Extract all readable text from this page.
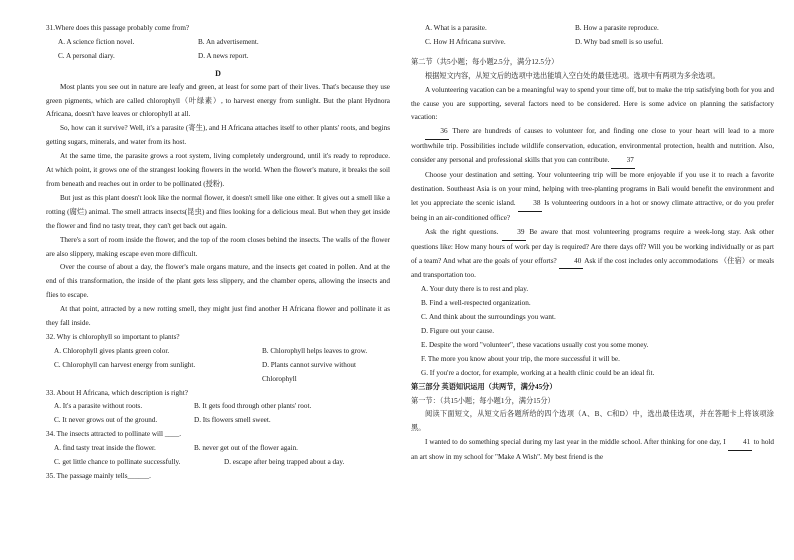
31.Where does this passage probably come from?

A. A science fiction novel.	B. An advertisement.
C. A personal diary.	D. A news report.

D

Most plants you see out in nature are leafy and green, at least for some part of their lives. That's because they use green pigments, which are called chlorophyll（叶绿素）, to harvest energy from sunlight. But the plant Hydnora Africana, doesn't have leaves or chlorophyll at all.

So, how can it survive? Well, it's a parasite (寄生), and H Africana attaches itself to other plants' roots, and begins getting sugars, minerals, and water from its host.

At the same time, the parasite grows a root system, living completely underground, until it's ready to reproduce. At which point, it grows one of the strangest looking flowers in the world. When the flower's mature, it breaks the soil from beneath and reaches out in order to be pollinated (授粉).

But just as this plant doesn't look like the normal flower, it doesn't smell like one either. It gives out a smell like a rotting (腐烂) animal. The smell attracts insects(昆虫) and flies looking for a delicious meal. But when they get inside the flower and find no tasty treat, they can't get back out again.

There's a sort of room inside the flower, and the top of the room closes behind the insects. The walls of the flower are also slippery, making escape even more difficult.

Over the course of about a day, the flower's male organs mature, and the insects get coated in pollen. And at the end of this transformation, the inside of the plant gets less slippery, and the chamber opens, allowing the insects and flies to escape.

At that point, attracted by a new rotting smell, they might just find another H Africana flower and pollinate it as they fall inside.

32. Why is chlorophyll so important to plants?

A. Chlorophyll gives plants green color.	B. Chlorophyll helps leaves to grow.
C. Chlorophyll can harvest energy from sunlight.	D. Plants cannot survive without Chlorophyll

33. About H Africana, which description is right?

A. It's a parasite without roots.	B. It gets food through other plants' root.
C. It never grows out of the ground.	D. Its flowers smell sweet.

34. The insects attracted to pollinate will ____.

A. find tasty treat inside the flower.	B. never get out of the flower again.
C. get little chance to pollinate successfully.	D. escape after being trapped about a day.

35. The passage mainly tells______.

A. What is a parasite.	B. How a parasite reproduce.
C. How H Africana survive.	D. Why bad smell is so useful.

第二节（共5小题；每小题2.5分，满分12.5分）

根据短文内容，从短文后的选项中选出能填入空白处的最佳选项。选项中有两项为多余选项。

A volunteering vacation can be a meaningful way to spend your time off, but to make the trip satisfying both for you and the cause you are supporting, several factors need to be considered. Here is some advice on planning the satisfactory vacation:

36 There are hundreds of causes to volunteer for, and finding one close to your heart will lead to a more worthwhile trip. Possibilities include wildlife conservation, education, environmental protection, health and nutrition. Also, consider any personal and professional skills that you can contribute. 37

Choose your destination and setting. Your volunteering trip will be more enjoyable if you use it to reach a favorite destination. Southeast Asia is on your mind, helping with tree-planting programs in Bali would benefit the environment and let you appreciate the scenic island. 38 Is volunteering outdoors in a hot or snowy climate attractive, or do you prefer being in an air-conditioned office?

Ask the right questions.	39 Be aware that most volunteering programs require a week-long stay. Ask other questions like: How many hours of work per day is required? Are there days off? Will you be working individually or as part of a team? And what are the goals of your efforts? 40 Ask if the cost includes only accommodations （住宿）or meals and transportation too.

A. Your duty there is to rest and play.

B. Find a well-respected organization.

C. And think about the surroundings you want.

D. Figure out your cause.

E. Despite the word "volunteer", these vacations usually cost you some money.

F. The more you know about your trip, the more successful it will be.

G. If you're a doctor, for example, working at a health clinic could be an ideal fit.

第三部分 英语知识运用（共两节，满分45分）

第一节：（共15小题；每小题1分，满分15分）

阅读下面短文，从短文后各题所给的四个选项（A、B、C和D）中，选出最佳选项，并在答题卡上将该项涂黑。

I wanted to do something special during my last year in the middle school. After thinking for one day, I 41 to hold an art show in my school for "Make A Wish". My best friend is the
